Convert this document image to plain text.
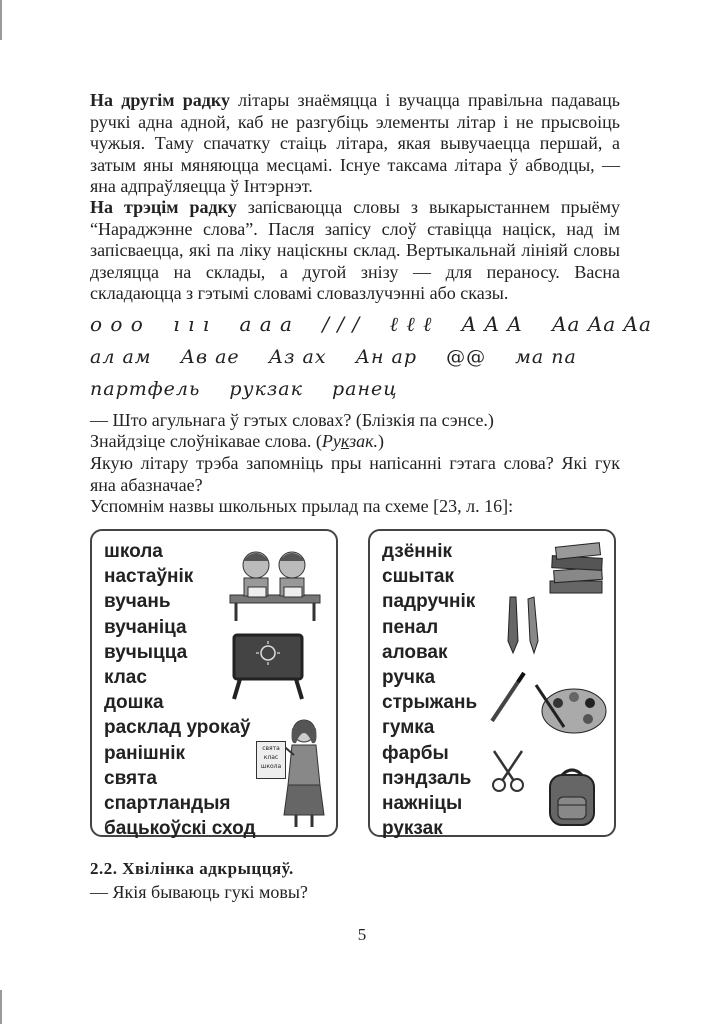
На другім радку літары знаёмяцца і вучацца правільна падаваць ручкі адна адной, каб не разгубіць элементы літар і не прысвоіць чужыя. Таму спачатку стаіць літара, якая вывучаецца першай, а затым яны мяняюцца месцамі. Існуе таксама літара ў абводцы, — яна адпраўляецца ў Інтэрнэт.
На трэцім радку запісваюцца словы з выкарыстаннем прыёму “Нараджэнне слова”. Пасля запісу слоў ставіцца націск, над ім запісваецца, які па ліку націскны склад. Вертыкальнай лініяй словы дзеляцца на склады, а дугой знізу — для пераносу. Васна складаюцца з гэтымі словамі словазлучэнні або сказы.
o o o ı ı ı a a a / / / ℓ ℓ ℓ A A A Aa Aa Aa
ал ам Ав ае Аз ах Ан ар @@ ма па
партфель рукзак ранец
— Што агульнага ў гэтых словах? (Блізкія па сэнсе.)
Знайдзіце слоўнікавае слова. (Рукзак.)
Якую літару трэба запомніць пры напісанні гэтага слова? Які гук яна абазначае?
Успомнім назвы школьных прылад па схеме [23, л. 16]:
школа
настаўнік
вучань
вучаніца
вучыцца
клас
дошка
расклад урокаў
ранішнік
свята
спартландыя
бацькоўскі сход
свята
клас
школа
дзённік
сшытак
падручнік
пенал
аловак
ручка
стрыжань
гумка
фарбы
пэндзаль
нажніцы
рукзак
2.2. Хвілінка адкрыццяў.
— Якія бываюць гукі мовы?
5
